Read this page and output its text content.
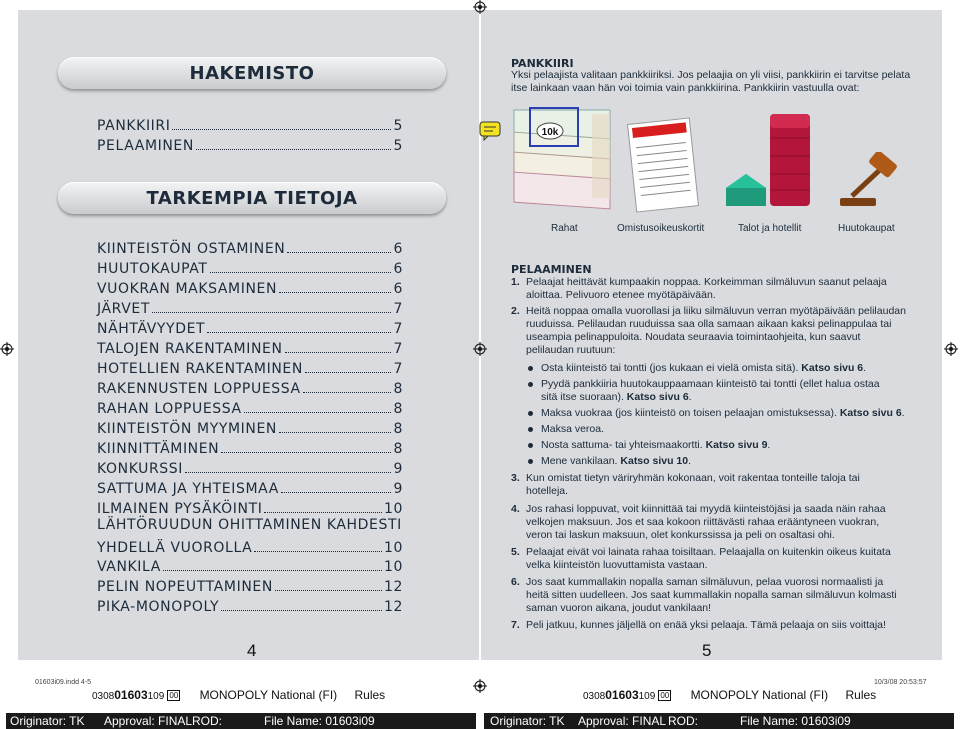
HAKEMISTO
PANKKIIRI	5
PELAAMINEN	5
TARKEMPIA TIETOJA
KIINTEISTÖN OSTAMINEN	6
HUUTOKAUPAT	6
VUOKRAN MAKSAMINEN	6
JÄRVET	7
NÄHTÄVYYDET	7
TALOJEN RAKENTAMINEN	7
HOTELLIEN RAKENTAMINEN	7
RAKENNUSTEN LOPPUESSA	8
RAHAN LOPPUESSA	8
KIINTEISTÖN MYYMINEN	8
KIINNITTÄMINEN	8
KONKURSSI	9
SATTUMA JA YHTEISMAA	9
ILMAINEN PYSÄKÖINTI	10
LÄHTÖRUUDUN OHITTAMINEN KAHDESTI
YHDELLÄ VUOROLLA	10
VANKILA	10
PELIN NOPEUTTAMINEN	12
PIKA-MONOPOLY	12
4
PANKKIIRI
Yksi pelaajista valitaan pankkiiriksi. Jos pelaajia on yli viisi, pankkiirin ei tarvitse pelata
itse lainkaan vaan hän voi toimia vain pankkiirina. Pankkiirin vastuulla ovat:
10k
Rahat	Omistusoikeuskortit	Talot ja hotellit	Huutokaupat
PELAAMINEN
1. Pelaajat heittävät kumpaakin noppaa. Korkeimman silmäluvun saanut pelaaja
aloittaa. Pelivuoro etenee myötäpäivään.
2. Heitä noppaa omalla vuorollasi ja liiku silmäluvun verran myötäpäivään pelilaudan
ruuduissa. Pelilaudan ruuduissa saa olla samaan aikaan kaksi pelinappulaa tai
useampia pelinappuloita. Noudata seuraavia toimintaohjeita, kun saavut
pelilaudan ruutuun:
Osta kiinteistö tai tontti (jos kukaan ei vielä omista sitä). Katso sivu 6.
Pyydä pankkiiria huutokauppaamaan kiinteistö tai tontti (ellet halua ostaa
sitä itse suoraan). Katso sivu 6.
Maksa vuokraa (jos kiinteistö on toisen pelaajan omistuksessa). Katso sivu 6.
Maksa veroa.
Nosta sattuma- tai yhteismaakortti. Katso sivu 9.
Mene vankilaan. Katso sivu 10.
3. Kun omistat tietyn väriryhmän kokonaan, voit rakentaa tonteille taloja tai
hotelleja.
4. Jos rahasi loppuvat, voit kiinnittää tai myydä kiinteistöjäsi ja saada näin rahaa
velkojen maksuun. Jos et saa kokoon riittävästi rahaa erääntyneen vuokran,
veron tai laskun maksuun, olet konkurssissa ja peli on osaltasi ohi.
5. Pelaajat eivät voi lainata rahaa toisiltaan. Pelaajalla on kuitenkin oikeus kuitata
velka kiinteistön luovuttamista vastaan.
6. Jos saat kummallakin nopalla saman silmäluvun, pelaa vuorosi normaalisti ja
heitä sitten uudelleen. Jos saat kummallakin nopalla saman silmäluvun kolmasti
saman vuoron aikana, joudut vankilaan!
7. Peli jatkuu, kunnes jäljellä on enää yksi pelaaja. Tämä pelaaja on siis voittaja!
5
01603i09.indd 4-5	10/3/08 20:53:57
030801603109 00 MONOPOLY National (FI) Rules	030801603109 00 MONOPOLY National (FI) Rules
Originator: TK Approval: FINAL ROD:	File Name: 01603i09	Originator: TK Approval: FINAL ROD:	File Name: 01603i09
